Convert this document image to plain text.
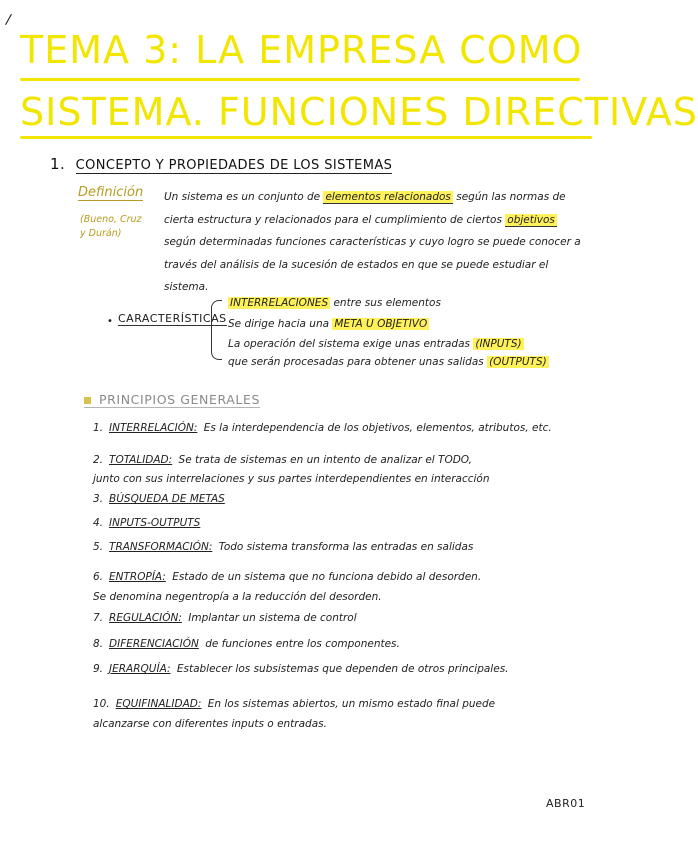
/
TEMA 3: LA EMPRESA COMO
SISTEMA. FUNCIONES DIRECTIVAS
1. CONCEPTO Y PROPIEDADES DE LOS SISTEMAS
Definición
(Bueno, Cruz y Durán)
Un sistema es un conjunto de elementos relacionados según las normas de cierta estructura y relacionados para el cumplimiento de ciertos objetivos según determinadas funciones características y cuyo logro se puede conocer a través del análisis de la sucesión de estados en que se puede estudiar el sistema.
• CARACTERÍSTICAS
INTERRELACIONES entre sus elementos
Se dirige hacia una META U OBJETIVO
La operación del sistema exige unas entradas (INPUTS)
que serán procesadas para obtener unas salidas (OUTPUTS)
PRINCIPIOS GENERALES
1. INTERRELACIÓN: Es la interdependencia de los objetivos, elementos, atributos, etc.
2. TOTALIDAD: Se trata de sistemas en un intento de analizar el TODO,
junto con sus interrelaciones y sus partes interdependientes en interacción
3. BÚSQUEDA DE METAS
4. INPUTS-OUTPUTS
5. TRANSFORMACIÓN: Todo sistema transforma las entradas en salidas
6. ENTROPÍA: Estado de un sistema que no funciona debido al desorden.
Se denomina negentropía a la reducción del desorden.
7. REGULACIÓN: Implantar un sistema de control
8. DIFERENCIACIÓN de funciones entre los componentes.
9. JERARQUÍA: Establecer los subsistemas que dependen de otros principales.
10. EQUIFINALIDAD: En los sistemas abiertos, un mismo estado final puede
alcanzarse con diferentes inputs o entradas.
ABR01
